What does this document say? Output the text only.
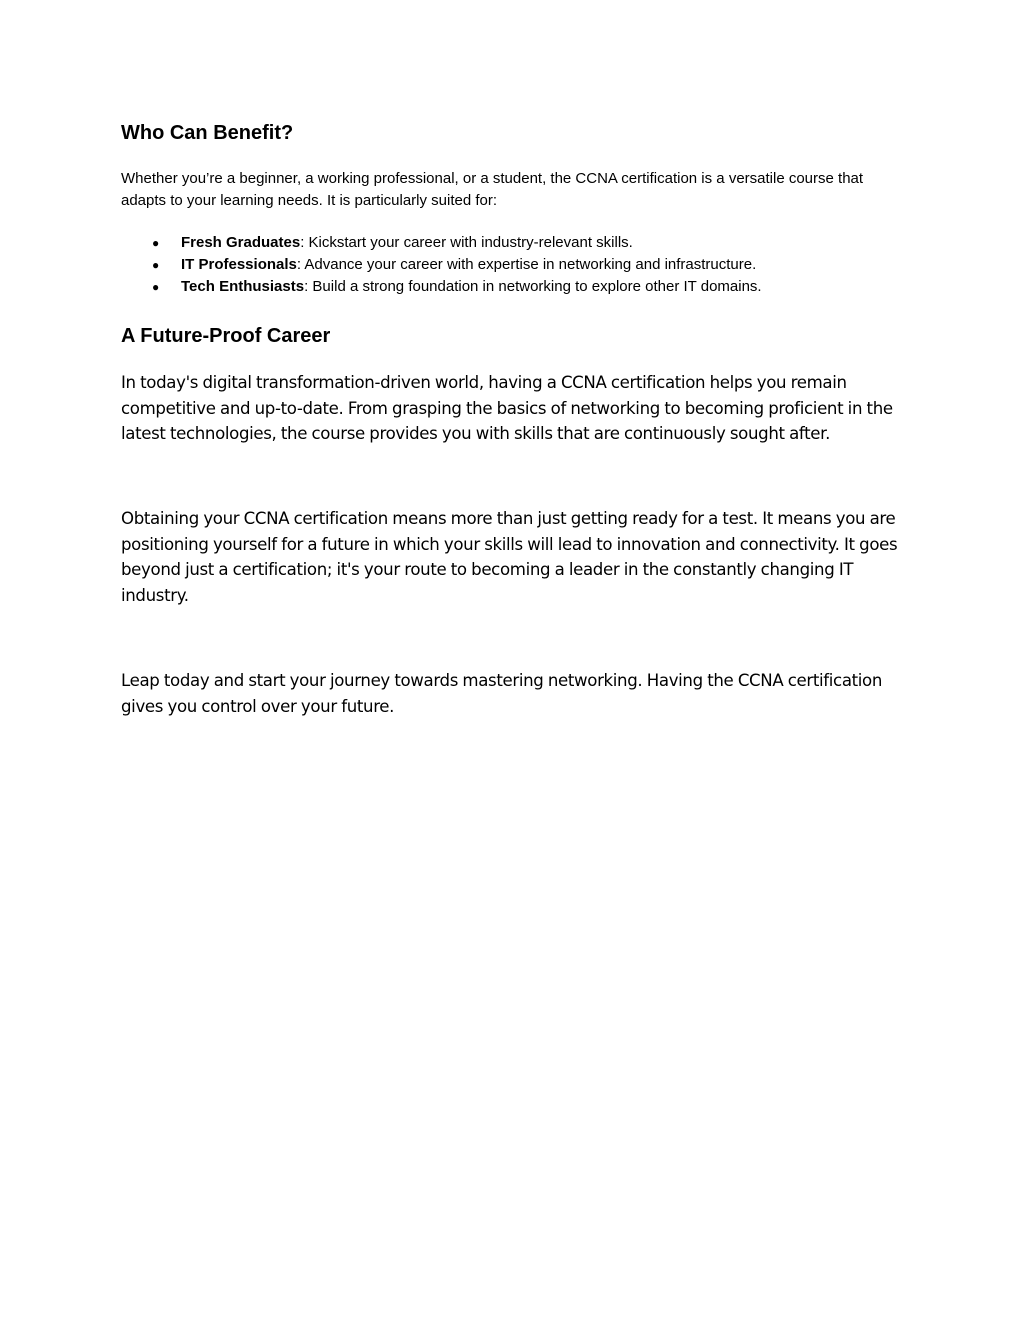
Who Can Benefit?

Whether you’re a beginner, a working professional, or a student, the CCNA certification is a versatile course that adapts to your learning needs. It is particularly suited for:

● Fresh Graduates: Kickstart your career with industry-relevant skills.
● IT Professionals: Advance your career with expertise in networking and infrastructure.
● Tech Enthusiasts: Build a strong foundation in networking to explore other IT domains.
A Future-Proof Career

In today's digital transformation-driven world, having a CCNA certification helps you remain competitive and up-to-date. From grasping the basics of networking to becoming proficient in the latest technologies, the course provides you with skills that are continuously sought after.

Obtaining your CCNA certification means more than just getting ready for a test. It means you are positioning yourself for a future in which your skills will lead to innovation and connectivity. It goes beyond just a certification; it's your route to becoming a leader in the constantly changing IT industry.

Leap today and start your journey towards mastering networking. Having the CCNA certification gives you control over your future.
